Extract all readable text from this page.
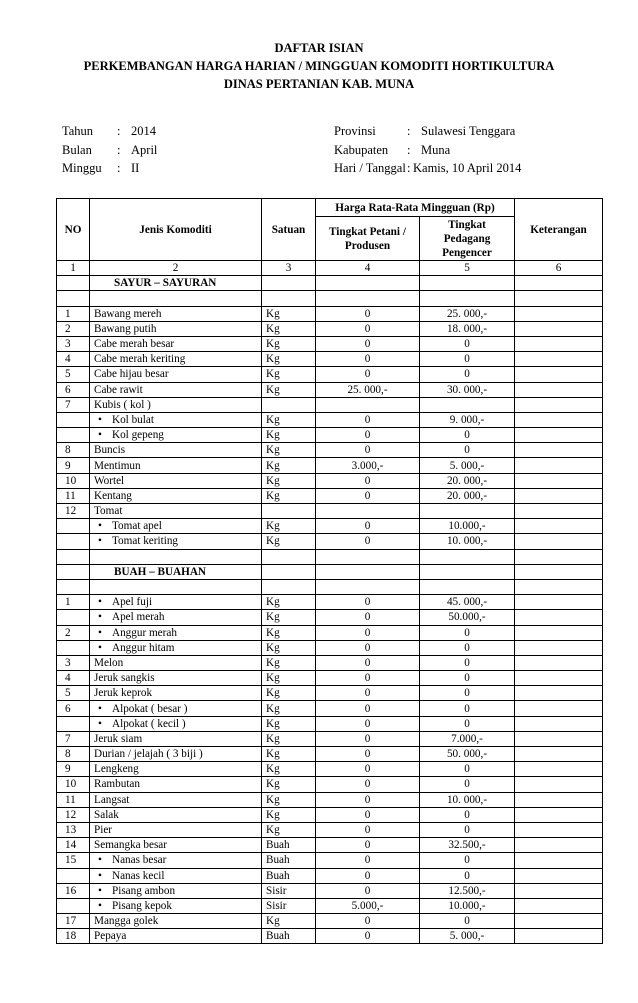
DAFTAR ISIAN
PERKEMBANGAN HARGA HARIAN / MINGGUAN KOMODITI HORTIKULTURA
DINAS PERTANIAN KAB. MUNA
Tahun	: 2014
Bulan	: April
Minggu	: II
Provinsi	: Sulawesi Tenggara
Kabupaten	: Muna
Hari / Tanggal : Kamis, 10 April 2014
NO	Jenis Komoditi	Satuan	Harga Rata-Rata Mingguan (Rp)		Keterangan
			Tingkat Petani / Produsen	Tingkat Pedagang Pengencer	
1	2	3	4	5	6
	SAYUR – SAYURAN				

1	Bawang mereh	Kg	0	25. 000,-	
2	Bawang putih	Kg	0	18. 000,-	
3	Cabe merah besar	Kg	0	0	
4	Cabe merah keriting	Kg	0	0	
5	Cabe hijau besar	Kg	0	0	
6	Cabe rawit	Kg	25. 000,-	30. 000,-	
7	Kubis ( kol )				
	• Kol bulat	Kg	0	9. 000,-	
	• Kol gepeng	Kg	0	0	
8	Buncis	Kg	0	0	
9	Mentimun	Kg	3.000,-	5. 000,-	
10	Wortel	Kg	0	20. 000,-	
11	Kentang	Kg	0	20. 000,-	
12	Tomat				
	• Tomat apel	Kg	0	10.000,-	
	• Tomat keriting	Kg	0	10. 000,-	

	BUAH – BUAHAN				

1	• Apel fuji	Kg	0	45. 000,-	
	• Apel merah	Kg	0	50.000,-	
2	• Anggur merah	Kg	0	0	
	• Anggur hitam	Kg	0	0	
3	Melon	Kg	0	0	
4	Jeruk sangkis	Kg	0	0	
5	Jeruk keprok	Kg	0	0	
6	• Alpokat ( besar )	Kg	0	0	
	• Alpokat ( kecil )	Kg	0	0	
7	Jeruk siam	Kg	0	7.000,-	
8	Durian / jelajah ( 3 biji )	Kg	0	50. 000,-	
9	Lengkeng	Kg	0	0	
10	Rambutan	Kg	0	0	
11	Langsat	Kg	0	10. 000,-	
12	Salak	Kg	0	0	
13	Pier	Kg	0	0	
14	Semangka besar	Buah	0	32.500,-	
15	• Nanas besar	Buah	0	0	
	• Nanas kecil	Buah	0	0	
16	• Pisang ambon	Sisir	0	12.500,-	
	• Pisang kepok	Sisir	5.000,-	10.000,-	
17	Mangga golek	Kg	0	0	
18	Pepaya	Buah	0	5. 000,-	
